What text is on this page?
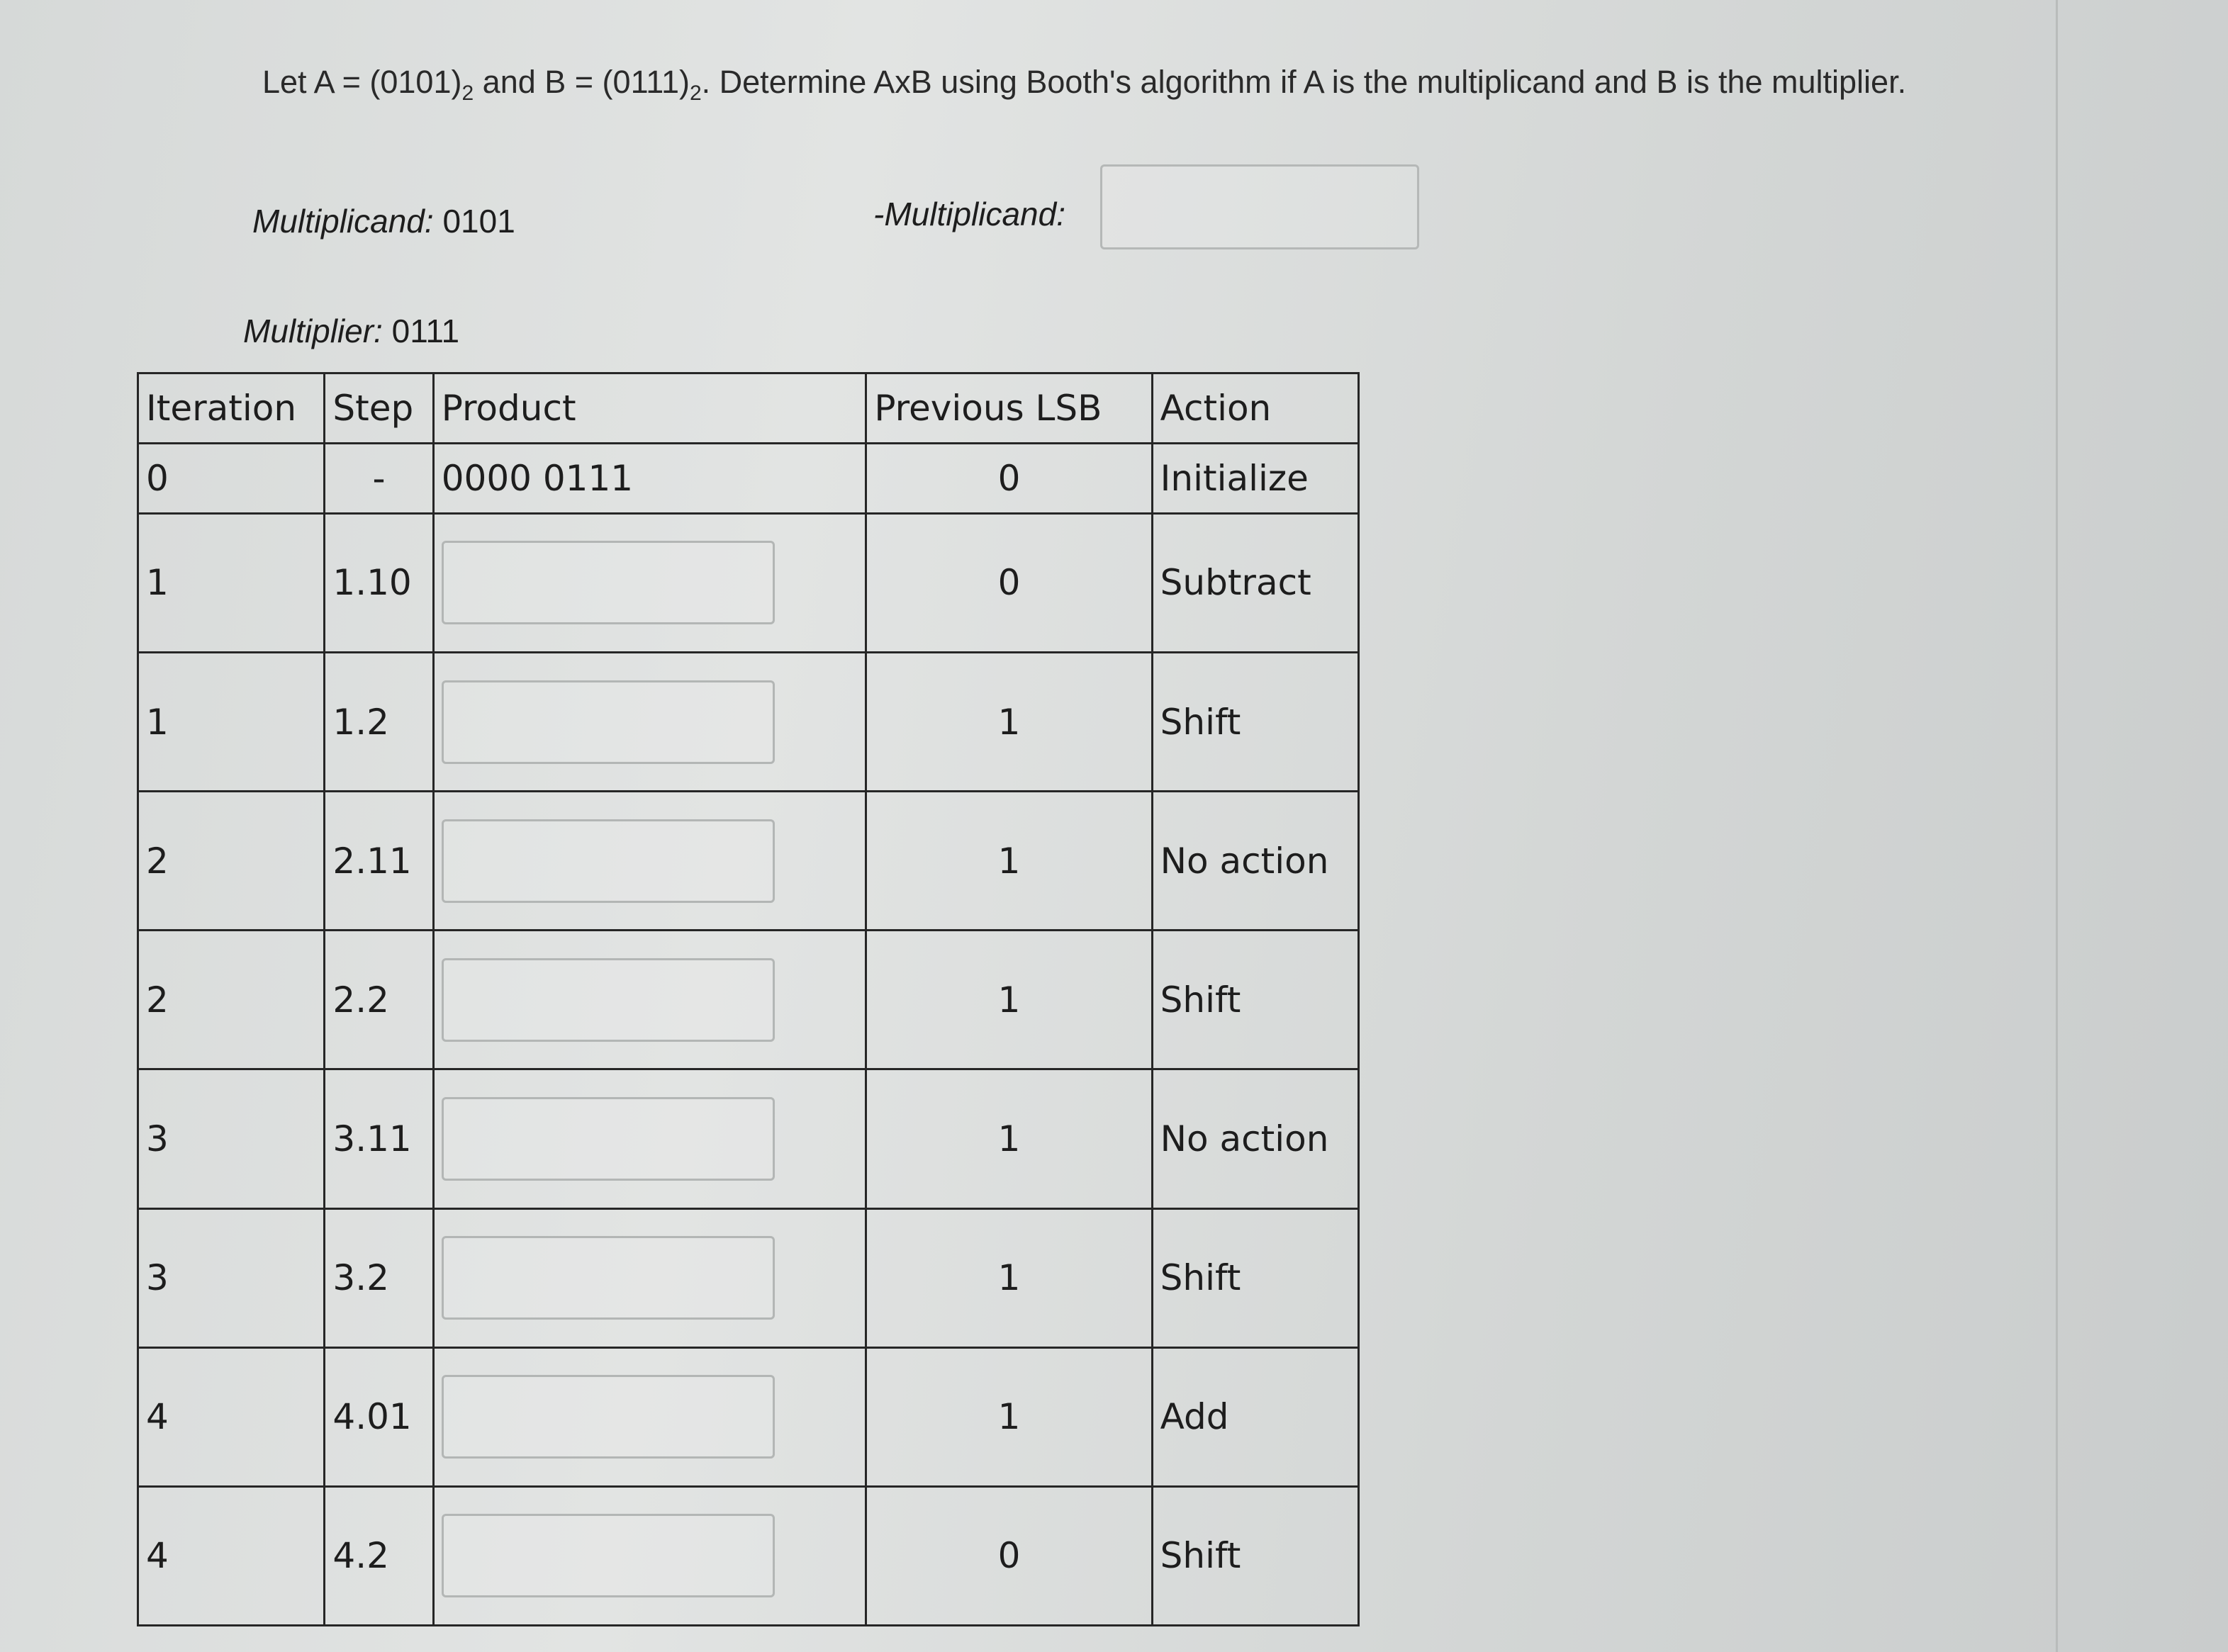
Let $A = (0101)_2$ and $B = (0111)_2$. Determine AxB using Booth's algorithm if A is the multiplicand and B is the multiplier.
Multiplicand: 0101	-Multiplicand:
Multiplier: 0111
Iteration	Step	Product	Previous LSB	Action
0	-	0000 0111	0	Initialize
1	1.10		0	Subtract
1	1.2		1	Shift
2	2.11		1	No action
2	2.2		1	Shift
3	3.11		1	No action
3	3.2		1	Shift
4	4.01		1	Add
4	4.2		0	Shift
